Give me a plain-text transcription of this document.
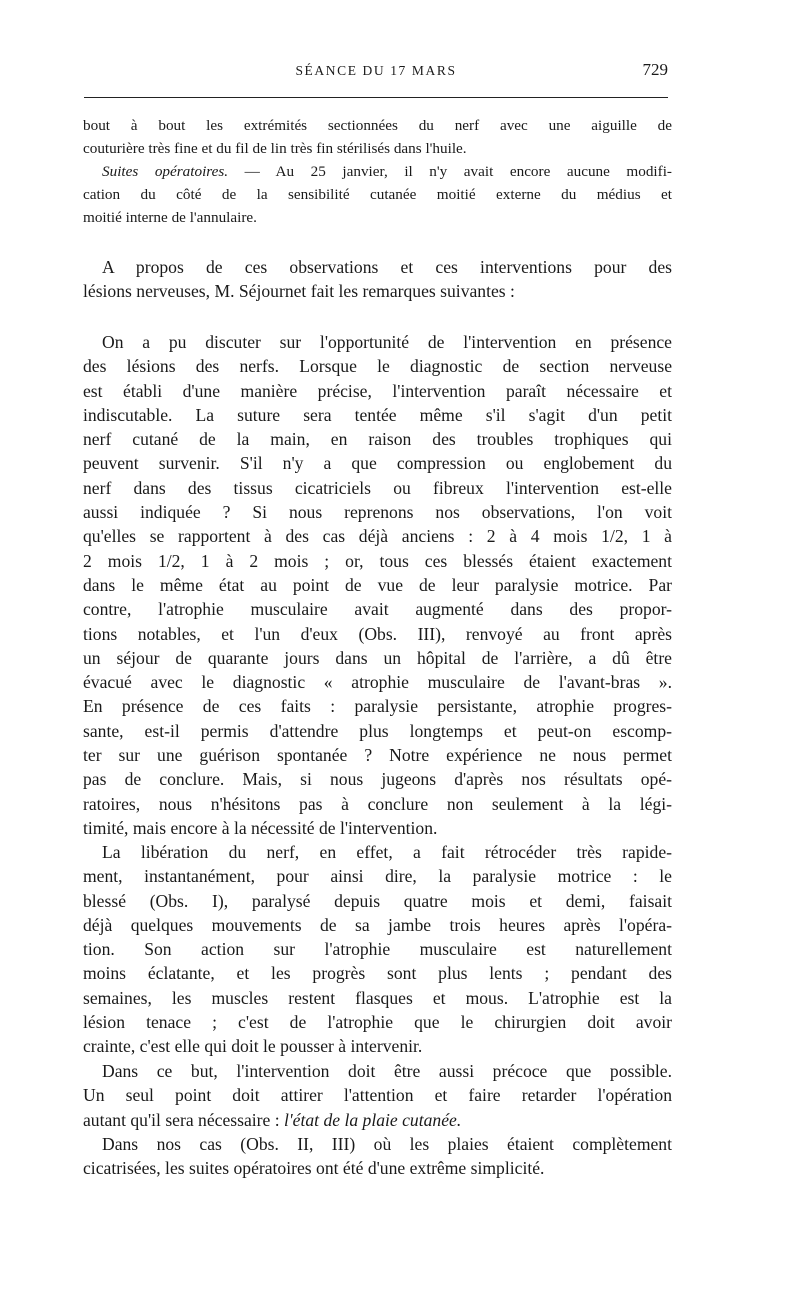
SÉANCE DU 17 MARS	729

bout à bout les extrémités sectionnées du nerf avec une aiguille de
couturière très fine et du fil de lin très fin stérilisés dans l'huile.

Suites opératoires. — Au 25 janvier, il n'y avait encore aucune modifi-
cation du côté de la sensibilité cutanée moitié externe du médius et
moitié interne de l'annulaire.

A propos de ces observations et ces interventions pour des
lésions nerveuses, M. Séjournet fait les remarques suivantes :

On a pu discuter sur l'opportunité de l'intervention en présence
des lésions des nerfs. Lorsque le diagnostic de section nerveuse
est établi d'une manière précise, l'intervention paraît nécessaire et
indiscutable. La suture sera tentée même s'il s'agit d'un petit
nerf cutané de la main, en raison des troubles trophiques qui
peuvent survenir. S'il n'y a que compression ou englobement du
nerf dans des tissus cicatriciels ou fibreux l'intervention est-elle
aussi indiquée ? Si nous reprenons nos observations, l'on voit
qu'elles se rapportent à des cas déjà anciens : 2 à 4 mois 1/2, 1 à
2 mois 1/2, 1 à 2 mois ; or, tous ces blessés étaient exactement
dans le même état au point de vue de leur paralysie motrice. Par
contre, l'atrophie musculaire avait augmenté dans des propor-
tions notables, et l'un d'eux (Obs. III), renvoyé au front après
un séjour de quarante jours dans un hôpital de l'arrière, a dû être
évacué avec le diagnostic « atrophie musculaire de l'avant-bras ».
En présence de ces faits : paralysie persistante, atrophie progres-
sante, est-il permis d'attendre plus longtemps et peut-on escomp-
ter sur une guérison spontanée ? Notre expérience ne nous permet
pas de conclure. Mais, si nous jugeons d'après nos résultats opé-
ratoires, nous n'hésitons pas à conclure non seulement à la légi-
timité, mais encore à la nécessité de l'intervention.

La libération du nerf, en effet, a fait rétrocéder très rapide-
ment, instantanément, pour ainsi dire, la paralysie motrice : le
blessé (Obs. I), paralysé depuis quatre mois et demi, faisait
déjà quelques mouvements de sa jambe trois heures après l'opéra-
tion. Son action sur l'atrophie musculaire est naturellement
moins éclatante, et les progrès sont plus lents ; pendant des
semaines, les muscles restent flasques et mous. L'atrophie est la
lésion tenace ; c'est de l'atrophie que le chirurgien doit avoir
crainte, c'est elle qui doit le pousser à intervenir.

Dans ce but, l'intervention doit être aussi précoce que possible.
Un seul point doit attirer l'attention et faire retarder l'opération
autant qu'il sera nécessaire : l'état de la plaie cutanée.

Dans nos cas (Obs. II, III) où les plaies étaient complètement
cicatrisées, les suites opératoires ont été d'une extrême simplicité.
